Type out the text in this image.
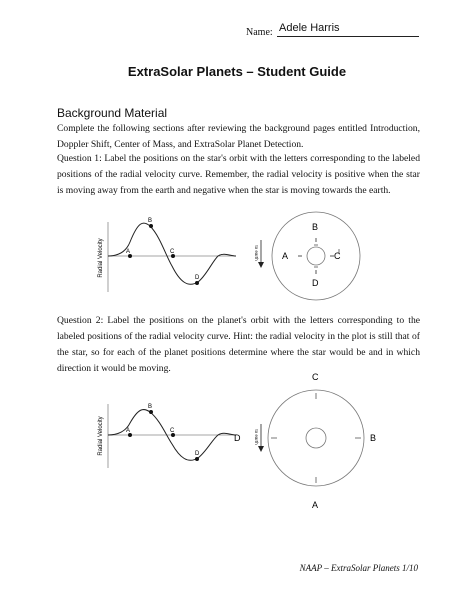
Name: Adele Harris
ExtraSolar Planets – Student Guide
Background Material
Complete the following sections after reviewing the background pages entitled Introduction, Doppler Shift, Center of Mass, and ExtraSolar Planet Detection.
Question 1: Label the positions on the star's orbit with the letters corresponding to the labeled positions of the radial velocity curve. Remember, the radial velocity is positive when the star is moving away from the earth and negative when the star is moving towards the earth.
Radial Velocity	A
B
C
D
to earth
B
A	C
D
Question 2: Label the positions on the planet's orbit with the letters corresponding to the labeled positions of the radial velocity curve. Hint: the radial velocity in the plot is still that of the star, so for each of the planet positions determine where the star would be and in which direction it would be moving.
Radial Velocity	A
B
C
D
to earth
C
D	B
A
NAAP – ExtraSolar Planets 1/10
